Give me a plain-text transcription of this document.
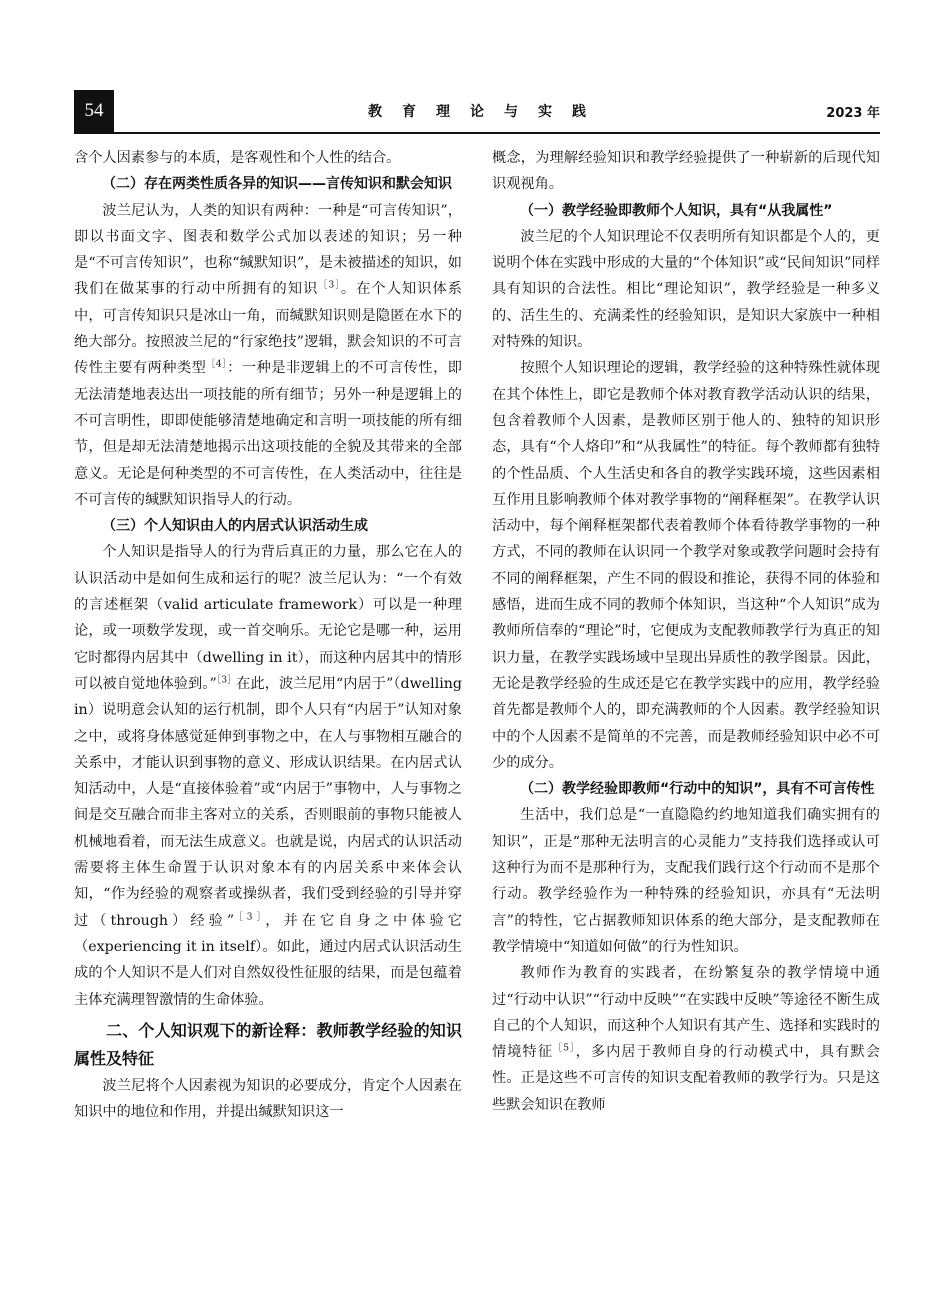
54	教育理论与实践	2023 年

含个人因素参与的本质，是客观性和个人性的结合。

（二）存在两类性质各异的知识——言传知识和默会知识

波兰尼认为，人类的知识有两种：一种是“可言传知识”，即以书面文字、图表和数学公式加以表述的知识；另一种是“不可言传知识”，也称“缄默知识”，是未被描述的知识，如我们在做某事的行动中所拥有的知识$^{[3]}$。在个人知识体系中，可言传知识只是冰山一角，而缄默知识则是隐匿在水下的绝大部分。按照波兰尼的“行家绝技”逻辑，默会知识的不可言传性主要有两种类型$^{[4]}$：一种是非逻辑上的不可言传性，即无法清楚地表达出一项技能的所有细节；另外一种是逻辑上的不可言明性，即即使能够清楚地确定和言明一项技能的所有细节，但是却无法清楚地揭示出这项技能的全貌及其带来的全部意义。无论是何种类型的不可言传性，在人类活动中，往往是不可言传的缄默知识指导人的行动。

（三）个人知识由人的内居式认识活动生成

个人知识是指导人的行为背后真正的力量，那么它在人的认识活动中是如何生成和运行的呢？波兰尼认为：“一个有效的言述框架（valid articulate framework）可以是一种理论，或一项数学发现，或一首交响乐。无论它是哪一种，运用它时都得内居其中（dwelling in it），而这种内居其中的情形可以被自觉地体验到。”$^{[3]}$在此，波兰尼用“内居于”（dwelling in）说明意会认知的运行机制，即个人只有“内居于”认知对象之中，或将身体感觉延伸到事物之中，在人与事物相互融合的关系中，才能认识到事物的意义、形成认识结果。在内居式认知活动中，人是“直接体验着”或“内居于”事物中，人与事物之间是交互融合而非主客对立的关系，否则眼前的事物只能被人机械地看着，而无法生成意义。也就是说，内居式的认识活动需要将主体生命置于认识对象本有的内居关系中来体会认知，“作为经验的观察者或操纵者，我们受到经验的引导并穿过（through）经验”$^{[3]}$，并在它自身之中体验它（experiencing it in itself）。如此，通过内居式认识活动生成的个人知识不是人们对自然奴役性征服的结果，而是包蕴着主体充满理智激情的生命体验。

二、个人知识观下的新诠释：教师教学经验的知识属性及特征

波兰尼将个人因素视为知识的必要成分，肯定个人因素在知识中的地位和作用，并提出缄默知识这一

概念，为理解经验知识和教学经验提供了一种崭新的后现代知识观视角。

（一）教学经验即教师个人知识，具有“从我属性”

波兰尼的个人知识理论不仅表明所有知识都是个人的，更说明个体在实践中形成的大量的“个体知识”或“民间知识”同样具有知识的合法性。相比“理论知识”，教学经验是一种多义的、活生生的、充满柔性的经验知识，是知识大家族中一种相对特殊的知识。

按照个人知识理论的逻辑，教学经验的这种特殊性就体现在其个体性上，即它是教师个体对教育教学活动认识的结果，包含着教师个人因素，是教师区别于他人的、独特的知识形态，具有“个人烙印”和“从我属性”的特征。每个教师都有独特的个性品质、个人生活史和各自的教学实践环境，这些因素相互作用且影响教师个体对教学事物的“阐释框架”。在教学认识活动中，每个阐释框架都代表着教师个体看待教学事物的一种方式，不同的教师在认识同一个教学对象或教学问题时会持有不同的阐释框架，产生不同的假设和推论，获得不同的体验和感悟，进而生成不同的教师个体知识，当这种“个人知识”成为教师所信奉的“理论”时，它便成为支配教师教学行为真正的知识力量，在教学实践场域中呈现出异质性的教学图景。因此，无论是教学经验的生成还是它在教学实践中的应用，教学经验首先都是教师个人的，即充满教师的个人因素。教学经验知识中的个人因素不是简单的不完善，而是教师经验知识中必不可少的成分。

（二）教学经验即教师“行动中的知识”，具有不可言传性

生活中，我们总是“一直隐隐约约地知道我们确实拥有的知识”，正是“那种无法明言的心灵能力”支持我们选择或认可这种行为而不是那种行为，支配我们践行这个行动而不是那个行动。教学经验作为一种特殊的经验知识，亦具有“无法明言”的特性，它占据教师知识体系的绝大部分，是支配教师在教学情境中“知道如何做”的行为性知识。

教师作为教育的实践者，在纷繁复杂的教学情境中通过“行动中认识”“行动中反映”“在实践中反映”等途径不断生成自己的个人知识，而这种个人知识有其产生、选择和实践时的情境特征$^{[5]}$，多内居于教师自身的行动模式中，具有默会性。正是这些不可言传的知识支配着教师的教学行为。只是这些默会知识在教师
